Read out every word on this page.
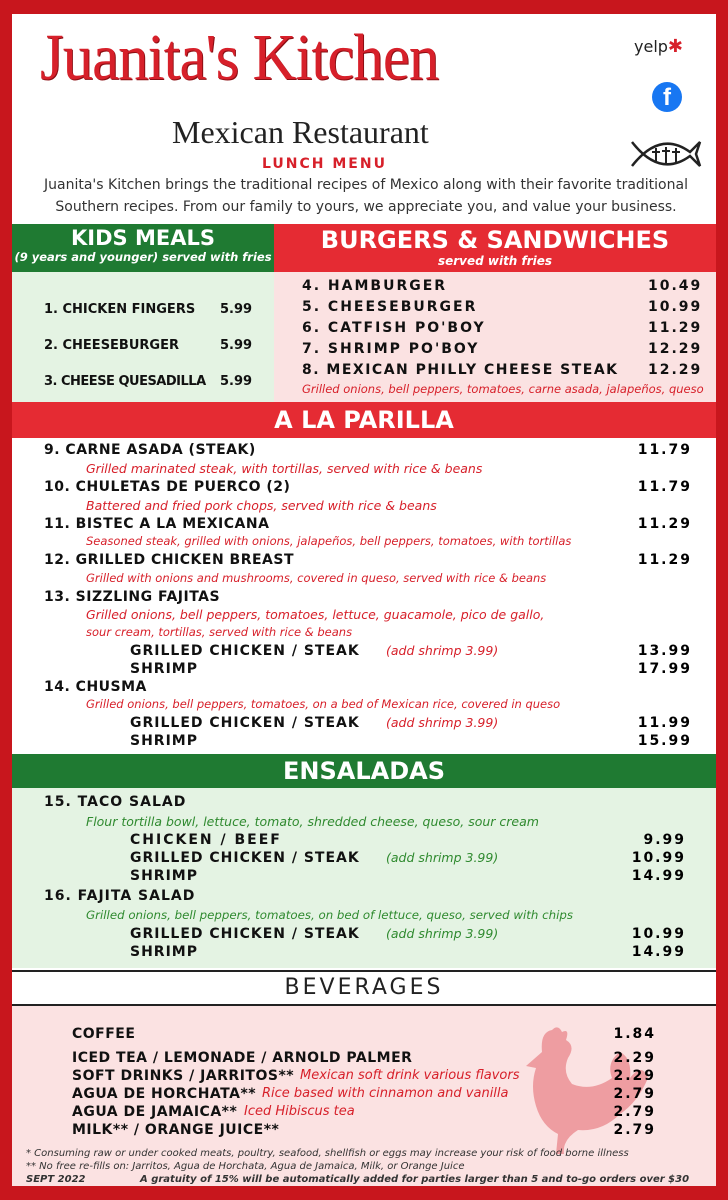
Juanita's Kitchen
Mexican Restaurant
LUNCH MENU
Juanita's Kitchen brings the traditional recipes of Mexico along with their favorite traditional Southern recipes. From our family to yours, we appreciate you, and value your business.
yelp✱
f
KIDS MEALS
(9 years and younger) served with fries
1. CHICKEN FINGERS 5.99
2. CHEESEBURGER	5.99
3. CHEESE QUESADILLA 5.99
BURGERS & SANDWICHES
served with fries
4. HAMBURGER	10.49
5. CHEESEBURGER	10.99
6. CATFISH PO'BOY	11.29
7. SHRIMP PO'BOY	12.29
8. MEXICAN PHILLY CHEESE STEAK 12.29
Grilled onions, bell peppers, tomatoes, carne asada, jalapeños, queso
A LA PARILLA
9. CARNE ASADA (STEAK)	11.79
Grilled marinated steak, with tortillas, served with rice & beans
10. CHULETAS DE PUERCO (2)	11.79
Battered and fried pork chops, served with rice & beans
11. BISTEC A LA MEXICANA	11.29
Seasoned steak, grilled with onions, jalapeños, bell peppers, tomatoes, with tortillas
12. GRILLED CHICKEN BREAST	11.29
Grilled with onions and mushrooms, covered in queso, served with rice & beans
13. SIZZLING FAJITAS
Grilled onions, bell peppers, tomatoes, lettuce, guacamole, pico de gallo,
sour cream, tortillas, served with rice & beans
GRILLED CHICKEN / STEAK (add shrimp 3.99)	13.99
SHRIMP	17.99
14. CHUSMA
Grilled onions, bell peppers, tomatoes, on a bed of Mexican rice, covered in queso
GRILLED CHICKEN / STEAK (add shrimp 3.99)	11.99
SHRIMP	15.99
ENSALADAS
15. TACO SALAD
Flour tortilla bowl, lettuce, tomato, shredded cheese, queso, sour cream
CHICKEN / BEEF	9.99
GRILLED CHICKEN / STEAK (add shrimp 3.99)	10.99
SHRIMP	14.99
16. FAJITA SALAD
Grilled onions, bell peppers, tomatoes, on bed of lettuce, queso, served with chips
GRILLED CHICKEN / STEAK (add shrimp 3.99)	10.99
SHRIMP	14.99
BEVERAGES
COFFEE	1.84
ICED TEA / LEMONADE / ARNOLD PALMER	2.29
SOFT DRINKS / JARRITOS** Mexican soft drink various flavors	2.29
AGUA DE HORCHATA** Rice based with cinnamon and vanilla	2.79
AGUA DE JAMAICA** Iced Hibiscus tea	2.79
MILK** / ORANGE JUICE**	2.79
* Consuming raw or under cooked meats, poultry, seafood, shellfish or eggs may increase your risk of food borne illness
** No free re-fills on: Jarritos, Agua de Horchata, Agua de Jamaica, Milk, or Orange Juice
SEPT 2022	A gratuity of 15% will be automatically added for parties larger than 5 and to-go orders over $30
